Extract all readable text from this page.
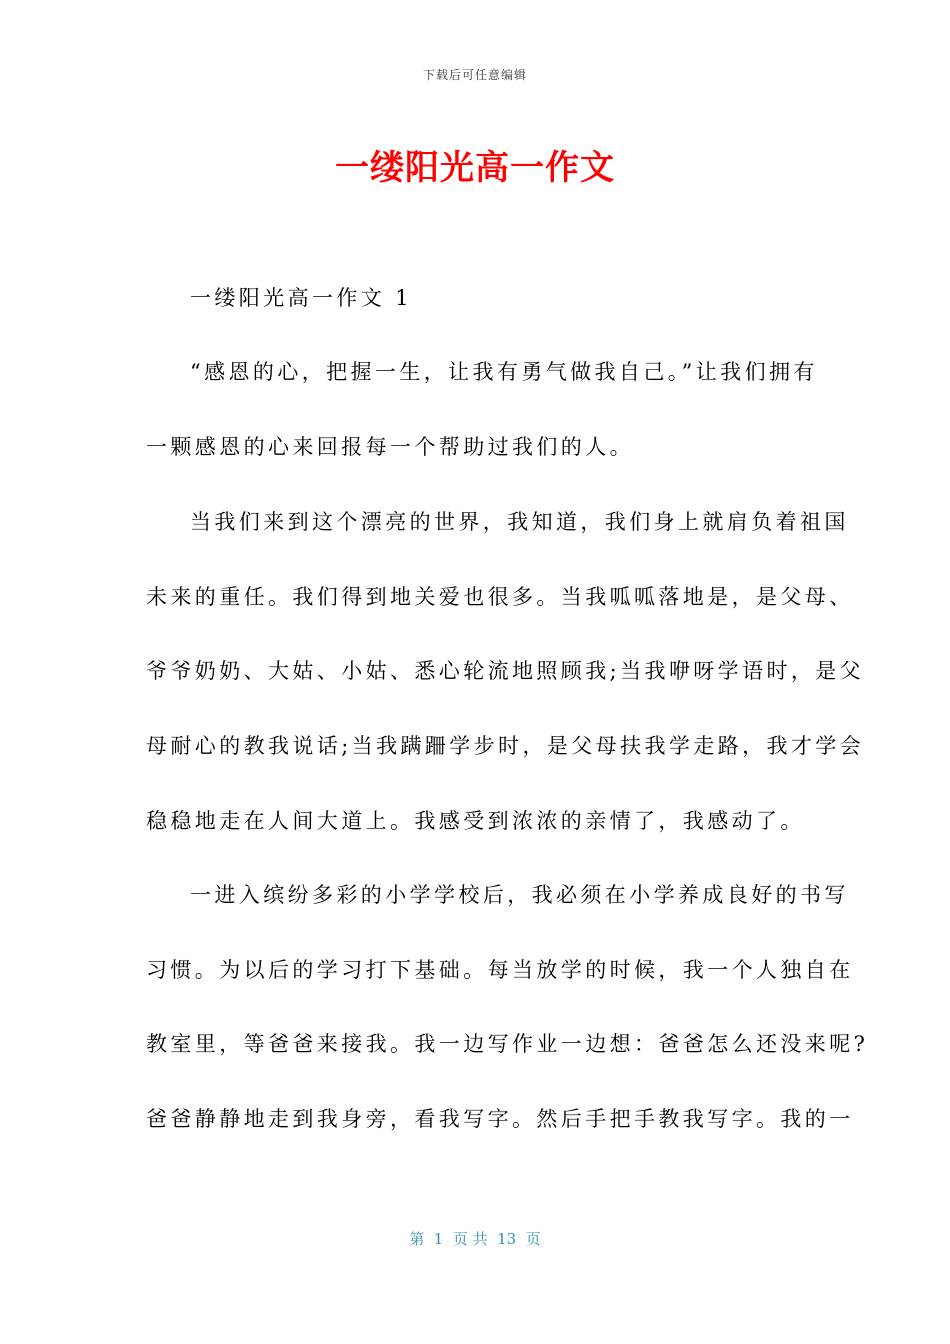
下载后可任意编辑
一缕阳光高一作文
一缕阳光高一作文 1
“感恩的心，把握一生，让我有勇气做我自己。”让我们拥有
一颗感恩的心来回报每一个帮助过我们的人。
当我们来到这个漂亮的世界，我知道，我们身上就肩负着祖国
未来的重任。我们得到地关爱也很多。当我呱呱落地是，是父母、
爷爷奶奶、大姑、小姑、悉心轮流地照顾我;当我咿呀学语时，是父
母耐心的教我说话;当我蹒跚学步时，是父母扶我学走路，我才学会
稳稳地走在人间大道上。我感受到浓浓的亲情了，我感动了。
一进入缤纷多彩的小学学校后，我必须在小学养成良好的书写
习惯。为以后的学习打下基础。每当放学的时候，我一个人独自在
教室里，等爸爸来接我。我一边写作业一边想：爸爸怎么还没来呢?
爸爸静静地走到我身旁，看我写字。然后手把手教我写字。我的一
第  1  页 共  13  页
